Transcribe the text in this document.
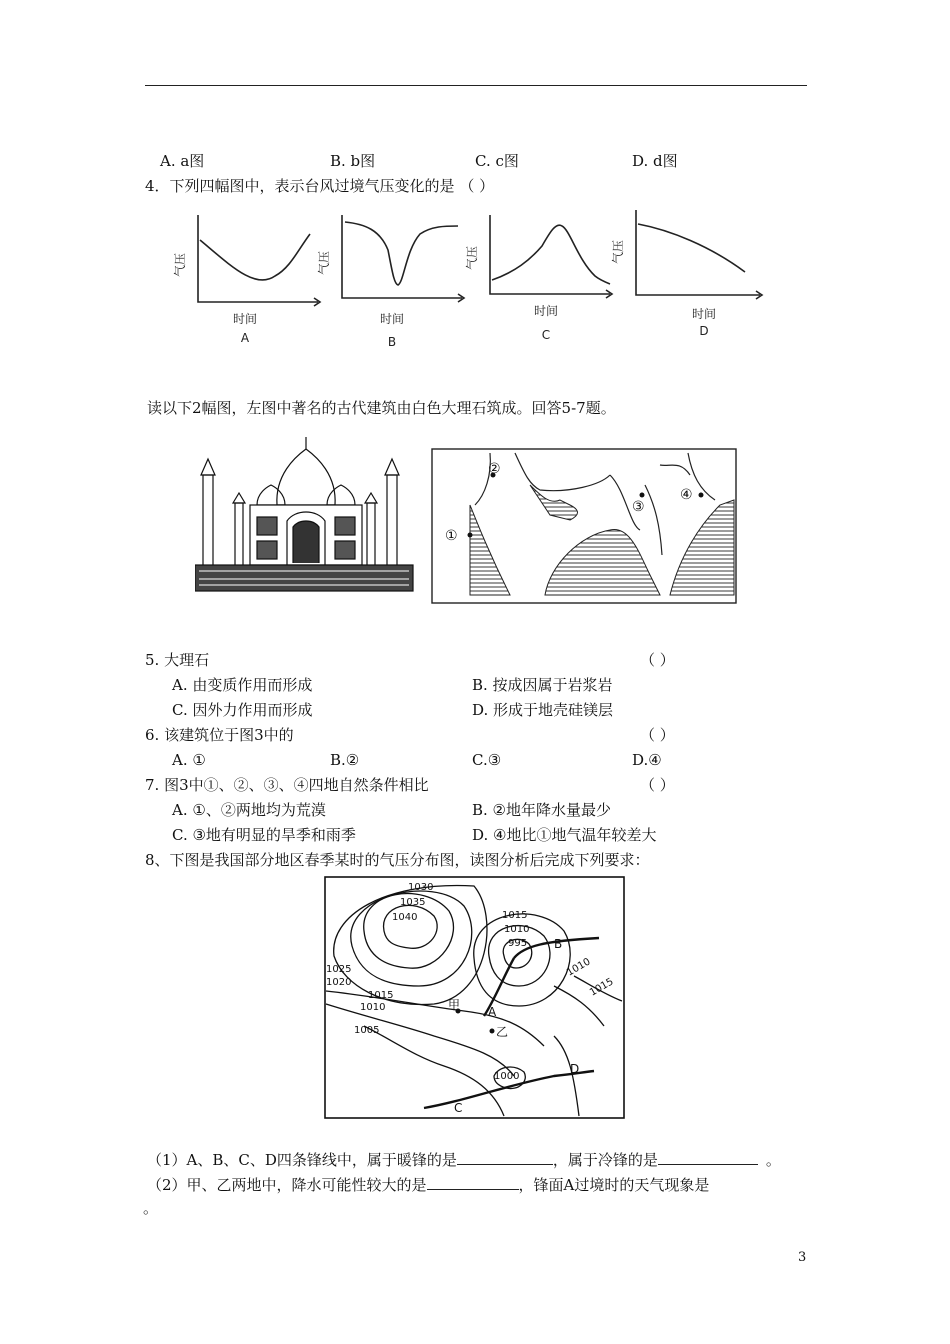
A. a图	B. b图	C. c图	D. d图
4．下列四幅图中，表示台风过境气压变化的是 （ ）
气压	气压	气压	气压
时间	时间
时间	时间
A	B	C	D
读以下2幅图，左图中著名的古代建筑由白色大理石筑成。回答5-7题。
①
②
③
④
5. 大理石	（ ）
A. 由变质作用而形成	B. 按成因属于岩浆岩
C. 因外力作用而形成	D. 形成于地壳硅镁层
6. 该建筑位于图3中的	（ ）
A. ①	B.②	C.③	D.④
7. 图3中①、②、③、④四地自然条件相比	（ ）
A. ①、②两地均为荒漠	B. ②地年降水量最少
C. ③地有明显的旱季和雨季	D. ④地比①地气温年较差大
8、下图是我国部分地区春季某时的气压分布图，读图分析后完成下列要求：
1030
1035
1040	1015
1010
995
1025
1020
1015
1010
1005
1010
1015
1000
A
B
C
D
甲
乙
（1）A、B、C、D四条锋线中，属于暖锋的是	，属于冷锋的是	。
（2）甲、乙两地中，降水可能性较大的是	，锋面A过境时的天气现象是
。
3
